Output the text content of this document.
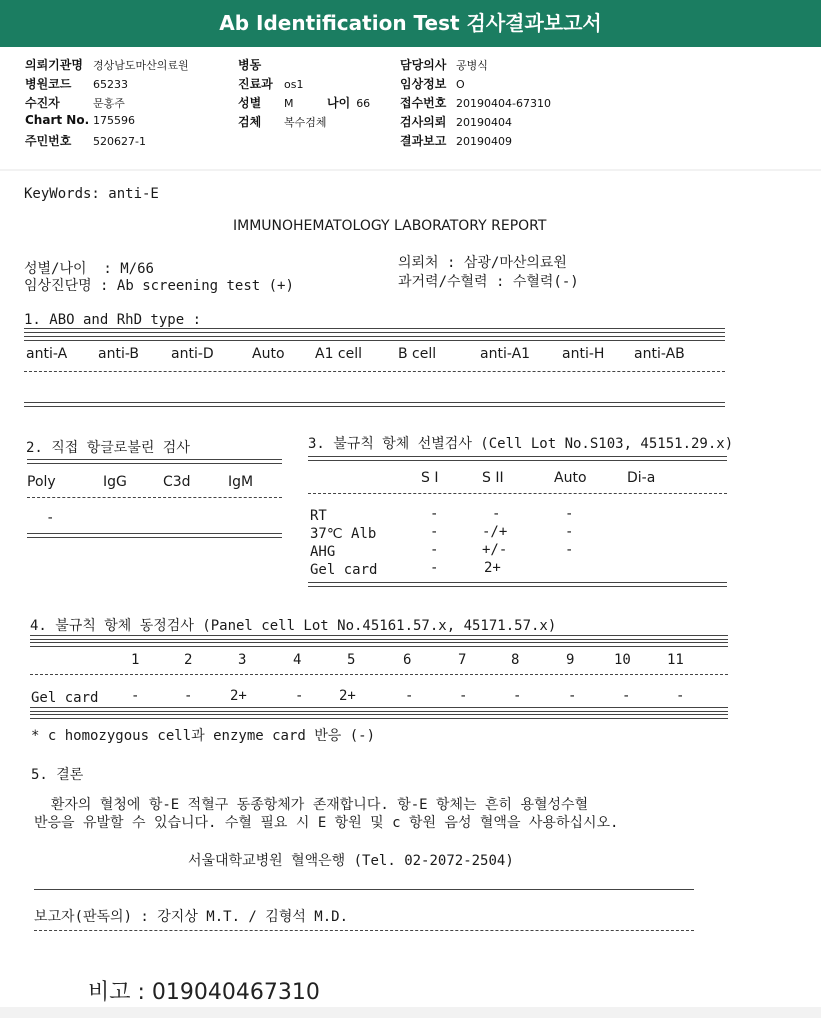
Ab Identification Test 검사결과보고서
의뢰기관명 경상남도마산의료원
병원코드 65233
수진자	문홍주
Chart No. 175596
주민번호 520627-1
병동
진료과 os1
성별 M	나이 66
검체 복수검체
담당의사 공병식
임상정보 O
접수번호 20190404-67310
검사의뢰 20190404
결과보고 20190409
KeyWords: anti-E
IMMUNOHEMATOLOGY LABORATORY REPORT
성별/나이  : M/66
임상진단명 : Ab screening test (+)
의뢰처 : 삼광/마산의료원
과거력/수혈력 : 수혈력(-)
1. ABO and RhD type :
anti-A anti-B anti-D	Auto A1 cell	B cell	anti-A1 anti-H anti-AB
2. 직접 항글로불린 검사
Poly	IgG	C3d	IgM
-
3. 불규칙 항체 선별검사 (Cell Lot No.S103, 45151.29.x)
S I	S II	Auto	Di-a
RT	-	-	-
37℃ Alb	-	-/+	-
AHG	-	+/-	-
Gel card	-	2+
4. 불규칙 항체 동정검사 (Panel cell Lot No.45161.57.x, 45171.57.x)
1	2	3	4	5	6	7	8	9	10	11
Gel card -	-	2+	-	2+	-	-	-	-	-	-
* c homozygous cell과 enzyme card 반응 (-)
5. 결론
환자의 혈청에 항-E 적혈구 동종항체가 존재합니다. 항-E 항체는 흔히 용혈성수혈
반응을 유발할 수 있습니다. 수혈 필요 시 E 항원 및 c 항원 음성 혈액을 사용하십시오.
서울대학교병원 혈액은행 (Tel. 02-2072-2504)
보고자(판독의) : 강지상 M.T. / 김형석 M.D.
비고 : 019040467310
